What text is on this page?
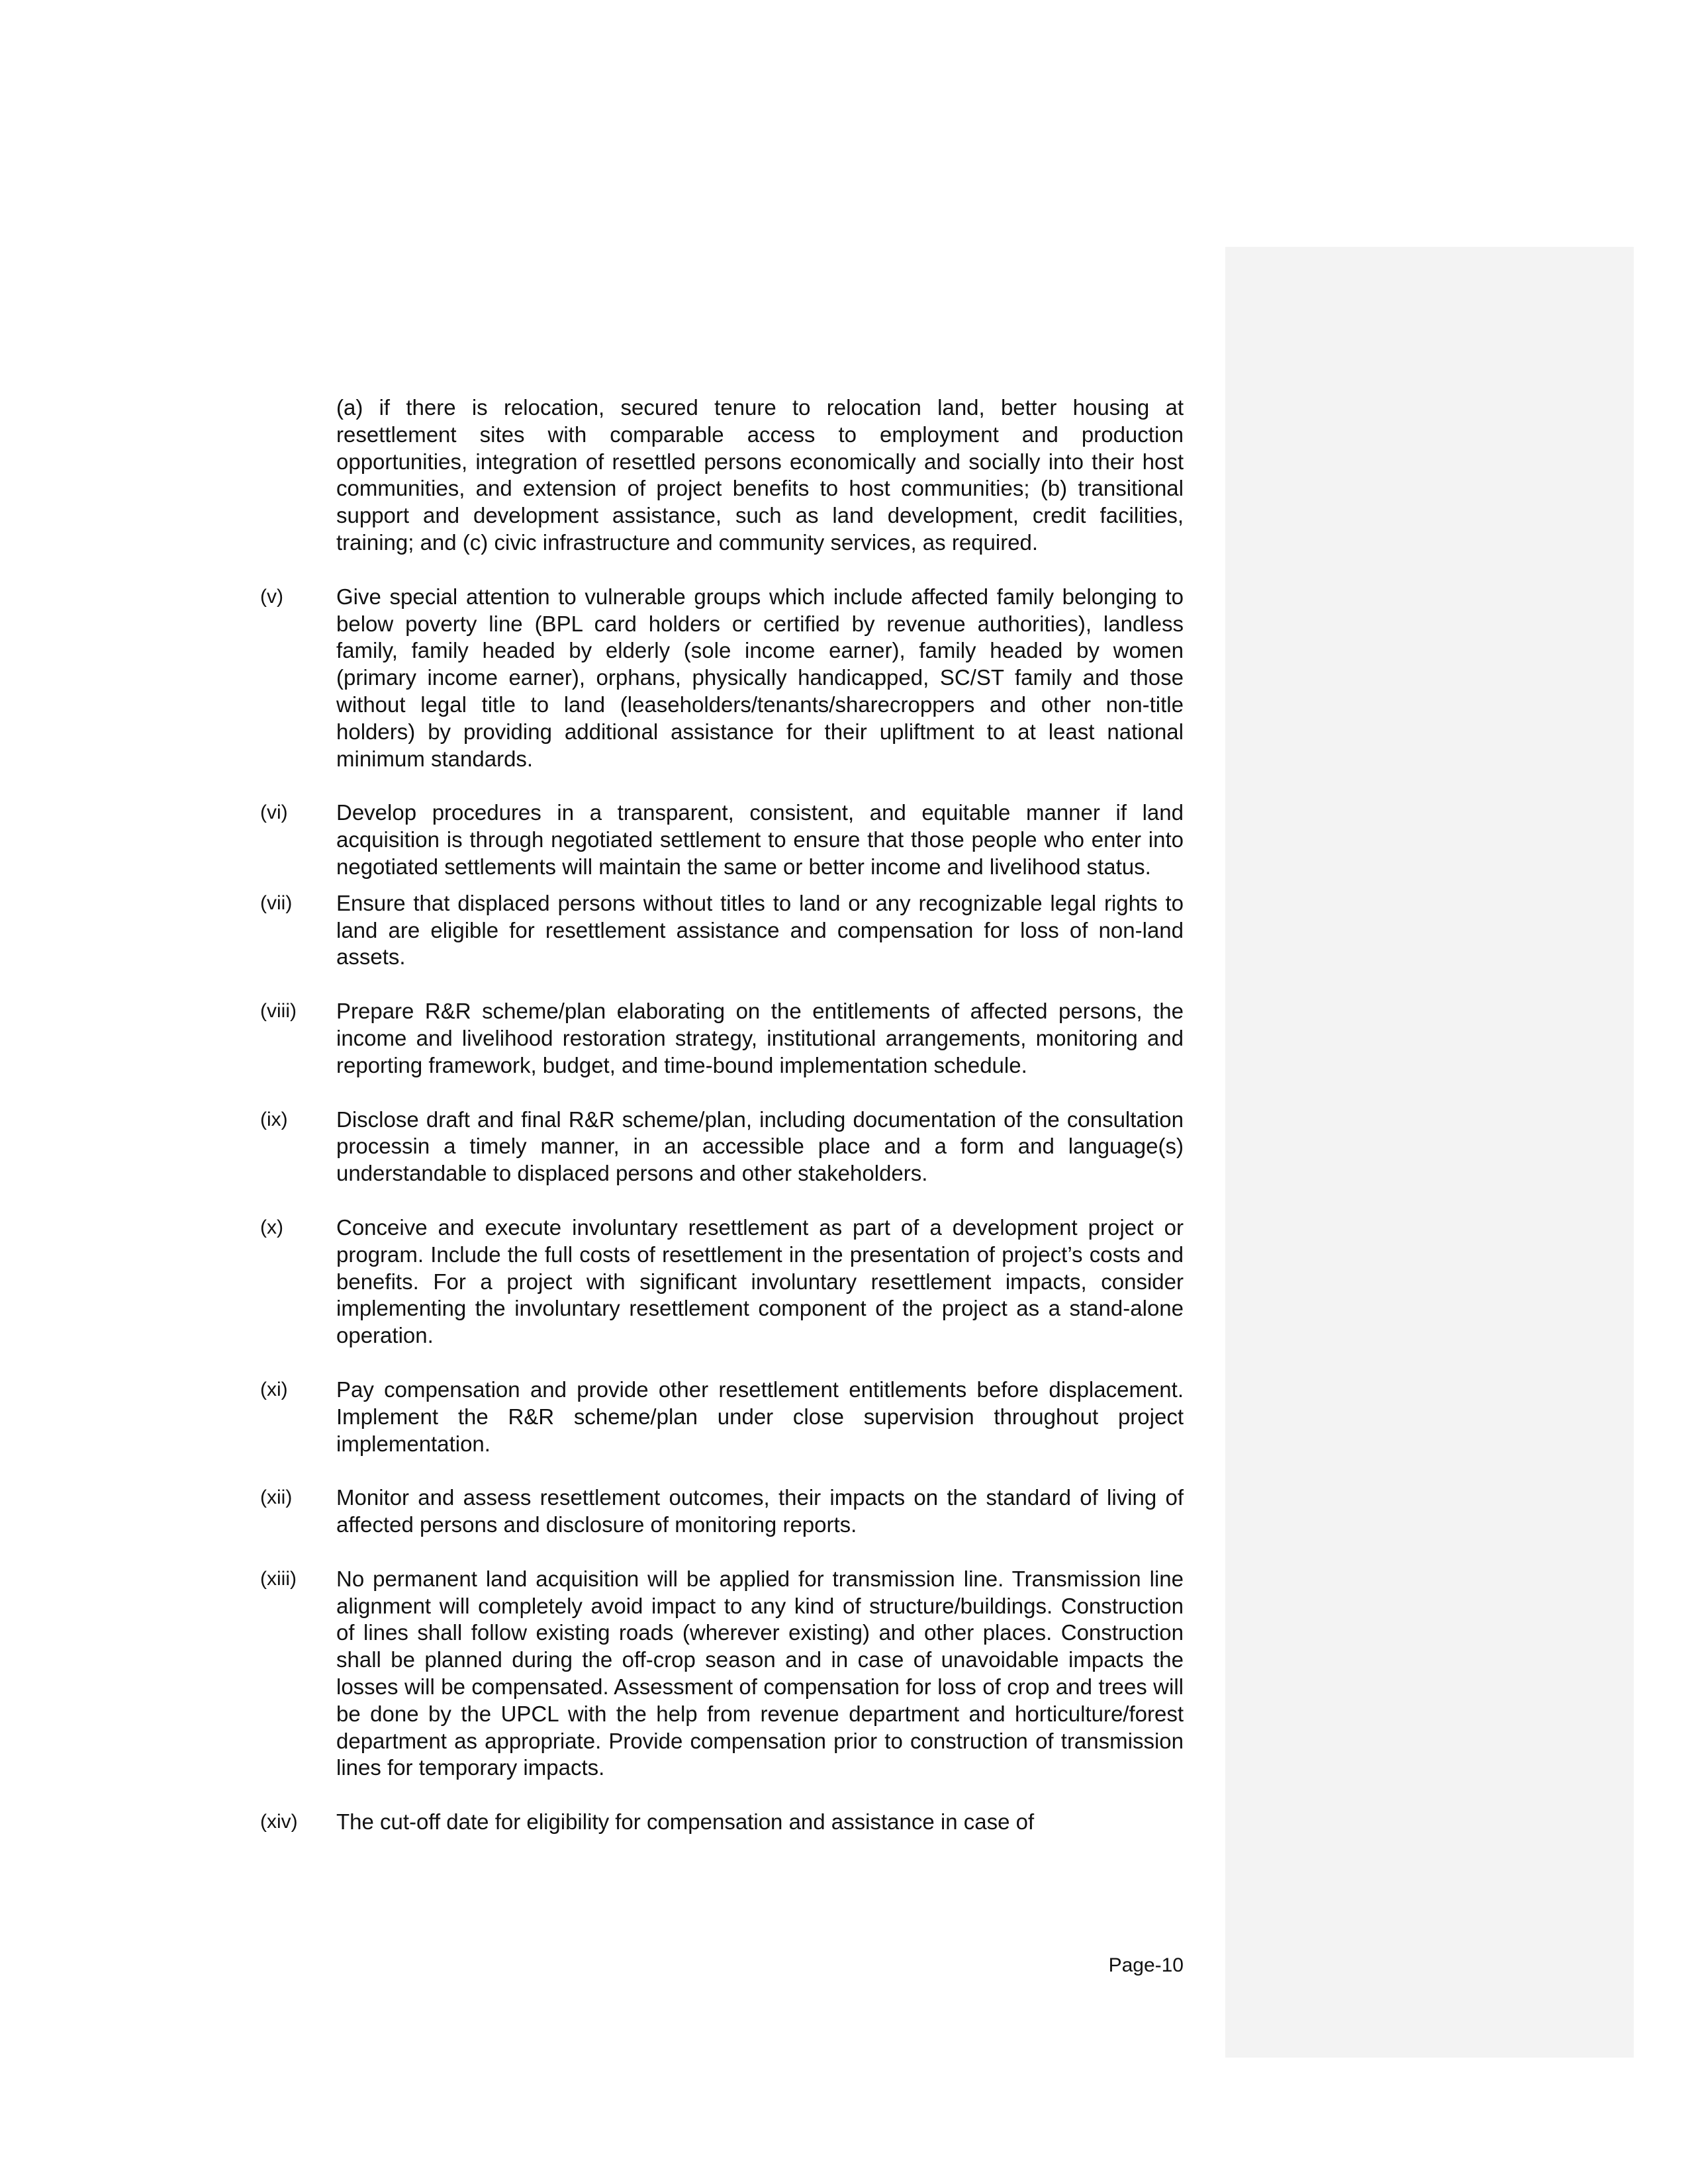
(a) if there is relocation, secured tenure to relocation land, better housing at resettlement sites with comparable access to employment and production opportunities, integration of resettled persons economically and socially into their host communities, and extension of project benefits to host communities; (b) transitional support and development assistance, such as land development, credit facilities, training; and (c) civic infrastructure and community services, as required.
(v)	Give special attention to vulnerable groups which include affected family belonging to below poverty line (BPL card holders or certified by revenue authorities), landless family, family headed by elderly (sole income earner), family headed by women (primary income earner), orphans, physically handicapped, SC/ST family and those without legal title to land (leaseholders/tenants/sharecroppers and other non-title holders) by providing additional assistance for their upliftment to at least national minimum standards.
(vi)	Develop procedures in a transparent, consistent, and equitable manner if land acquisition is through negotiated settlement to ensure that those people who enter into negotiated settlements will maintain the same or better income and livelihood status.
(vii)	Ensure that displaced persons without titles to land or any recognizable legal rights to land are eligible for resettlement assistance and compensation for loss of non-land assets.
(viii)	Prepare R&R scheme/plan elaborating on the entitlements of affected persons, the income and livelihood restoration strategy, institutional arrangements, monitoring and reporting framework, budget, and time-bound implementation schedule.
(ix)	Disclose draft and final R&R scheme/plan, including documentation of the consultation processin a timely manner, in an accessible place and a form and language(s) understandable to displaced persons and other stakeholders.
(x)	Conceive and execute involuntary resettlement as part of a development project or program. Include the full costs of resettlement in the presentation of project’s costs and benefits. For a project with significant involuntary resettlement impacts, consider implementing the involuntary resettlement component of the project as a stand-alone operation.
(xi)	Pay compensation and provide other resettlement entitlements before displacement. Implement the R&R scheme/plan under close supervision throughout project implementation.
(xii)	Monitor and assess resettlement outcomes, their impacts on the standard of living of affected persons and disclosure of monitoring reports.
(xiii)	No permanent land acquisition will be applied for transmission line. Transmission line alignment will completely avoid impact to any kind of structure/buildings. Construction of lines shall follow existing roads (wherever existing) and other places. Construction shall be planned during the off-crop season and in case of unavoidable impacts the losses will be compensated. Assessment of compensation for loss of crop and trees will be done by the UPCL with the help from revenue department and horticulture/forest department as appropriate. Provide compensation prior to construction of transmission lines for temporary impacts.
(xiv)	The cut-off date for eligibility for compensation and assistance in case of
Page-10
